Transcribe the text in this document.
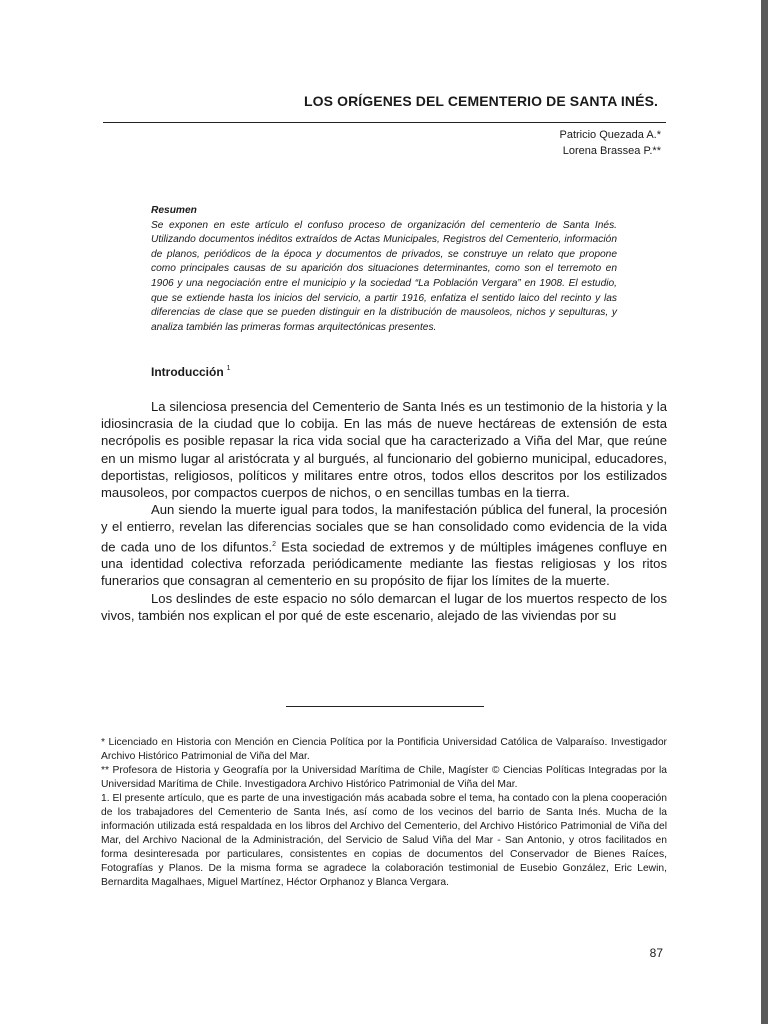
LOS ORÍGENES DEL CEMENTERIO DE SANTA INÉS.
Patricio Quezada A.*
Lorena Brassea P.**
Resumen
Se exponen en este artículo el confuso proceso de organización del cementerio de Santa Inés. Utilizando documentos inéditos extraídos de Actas Municipales, Registros del Cementerio, información de planos, periódicos de la época y documentos de privados, se construye un relato que propone como principales causas de su aparición dos situaciones determinantes, como son el terremoto en 1906 y una negociación entre el municipio y la sociedad “La Población Vergara” en 1908. El estudio, que se extiende hasta los inicios del servicio, a partir 1916, enfatiza el sentido laico del recinto y las diferencias de clase que se pueden distinguir en la distribución de mausoleos, nichos y sepulturas, y analiza también las primeras formas arquitectónicas presentes.
Introducción $^1$

La silenciosa presencia del Cementerio de Santa Inés es un testimonio de la historia y la idiosincrasia de la ciudad que lo cobija. En las más de nueve hectáreas de extensión de esta necrópolis es posible repasar la rica vida social que ha caracterizado a Viña del Mar, que reúne en un mismo lugar al aristócrata y al burgués, al funcionario del gobierno municipal, educadores, deportistas, religiosos, políticos y militares entre otros, todos ellos descritos por los estilizados mausoleos, por compactos cuerpos de nichos, o en sencillas tumbas en la tierra.

Aun siendo la muerte igual para todos, la manifestación pública del funeral, la procesión y el entierro, revelan las diferencias sociales que se han consolidado como evidencia de la vida de cada uno de los difuntos.$^2$ Esta sociedad de extremos y de múltiples imágenes confluye en una identidad colectiva reforzada periódicamente mediante las fiestas religiosas y los ritos funerarios que consagran al cementerio en su propósito de fijar los límites de la muerte.

Los deslindes de este espacio no sólo demarcan el lugar de los muertos respecto de los vivos, también nos explican el por qué de este escenario, alejado de las viviendas por su

* Licenciado en Historia con Mención en Ciencia Política por la Pontificia Universidad Católica de Valparaíso. Investigador Archivo Histórico Patrimonial de Viña del Mar.

** Profesora de Historia y Geografía por la Universidad Marítima de Chile, Magíster © Ciencias Políticas Integradas por la Universidad Marítima de Chile. Investigadora Archivo Histórico Patrimonial de Viña del Mar.

1. El presente artículo, que es parte de una investigación más acabada sobre el tema, ha contado con la plena cooperación de los trabajadores del Cementerio de Santa Inés, así como de los vecinos del barrio de Santa Inés. Mucha de la información utilizada está respaldada en los libros del Archivo del Cementerio, del Archivo Histórico Patrimonial de Viña del Mar, del Archivo Nacional de la Administración, del Servicio de Salud Viña del Mar - San Antonio, y otros facilitados en forma desinteresada por particulares, consistentes en copias de documentos del Conservador de Bienes Raíces, Fotografías y Planos. De la misma forma se agradece la colaboración testimonial de Eusebio González, Eric Lewin, Bernardita Magalhaes, Miguel Martínez, Héctor Orphanoz y Blanca Vergara.

87
